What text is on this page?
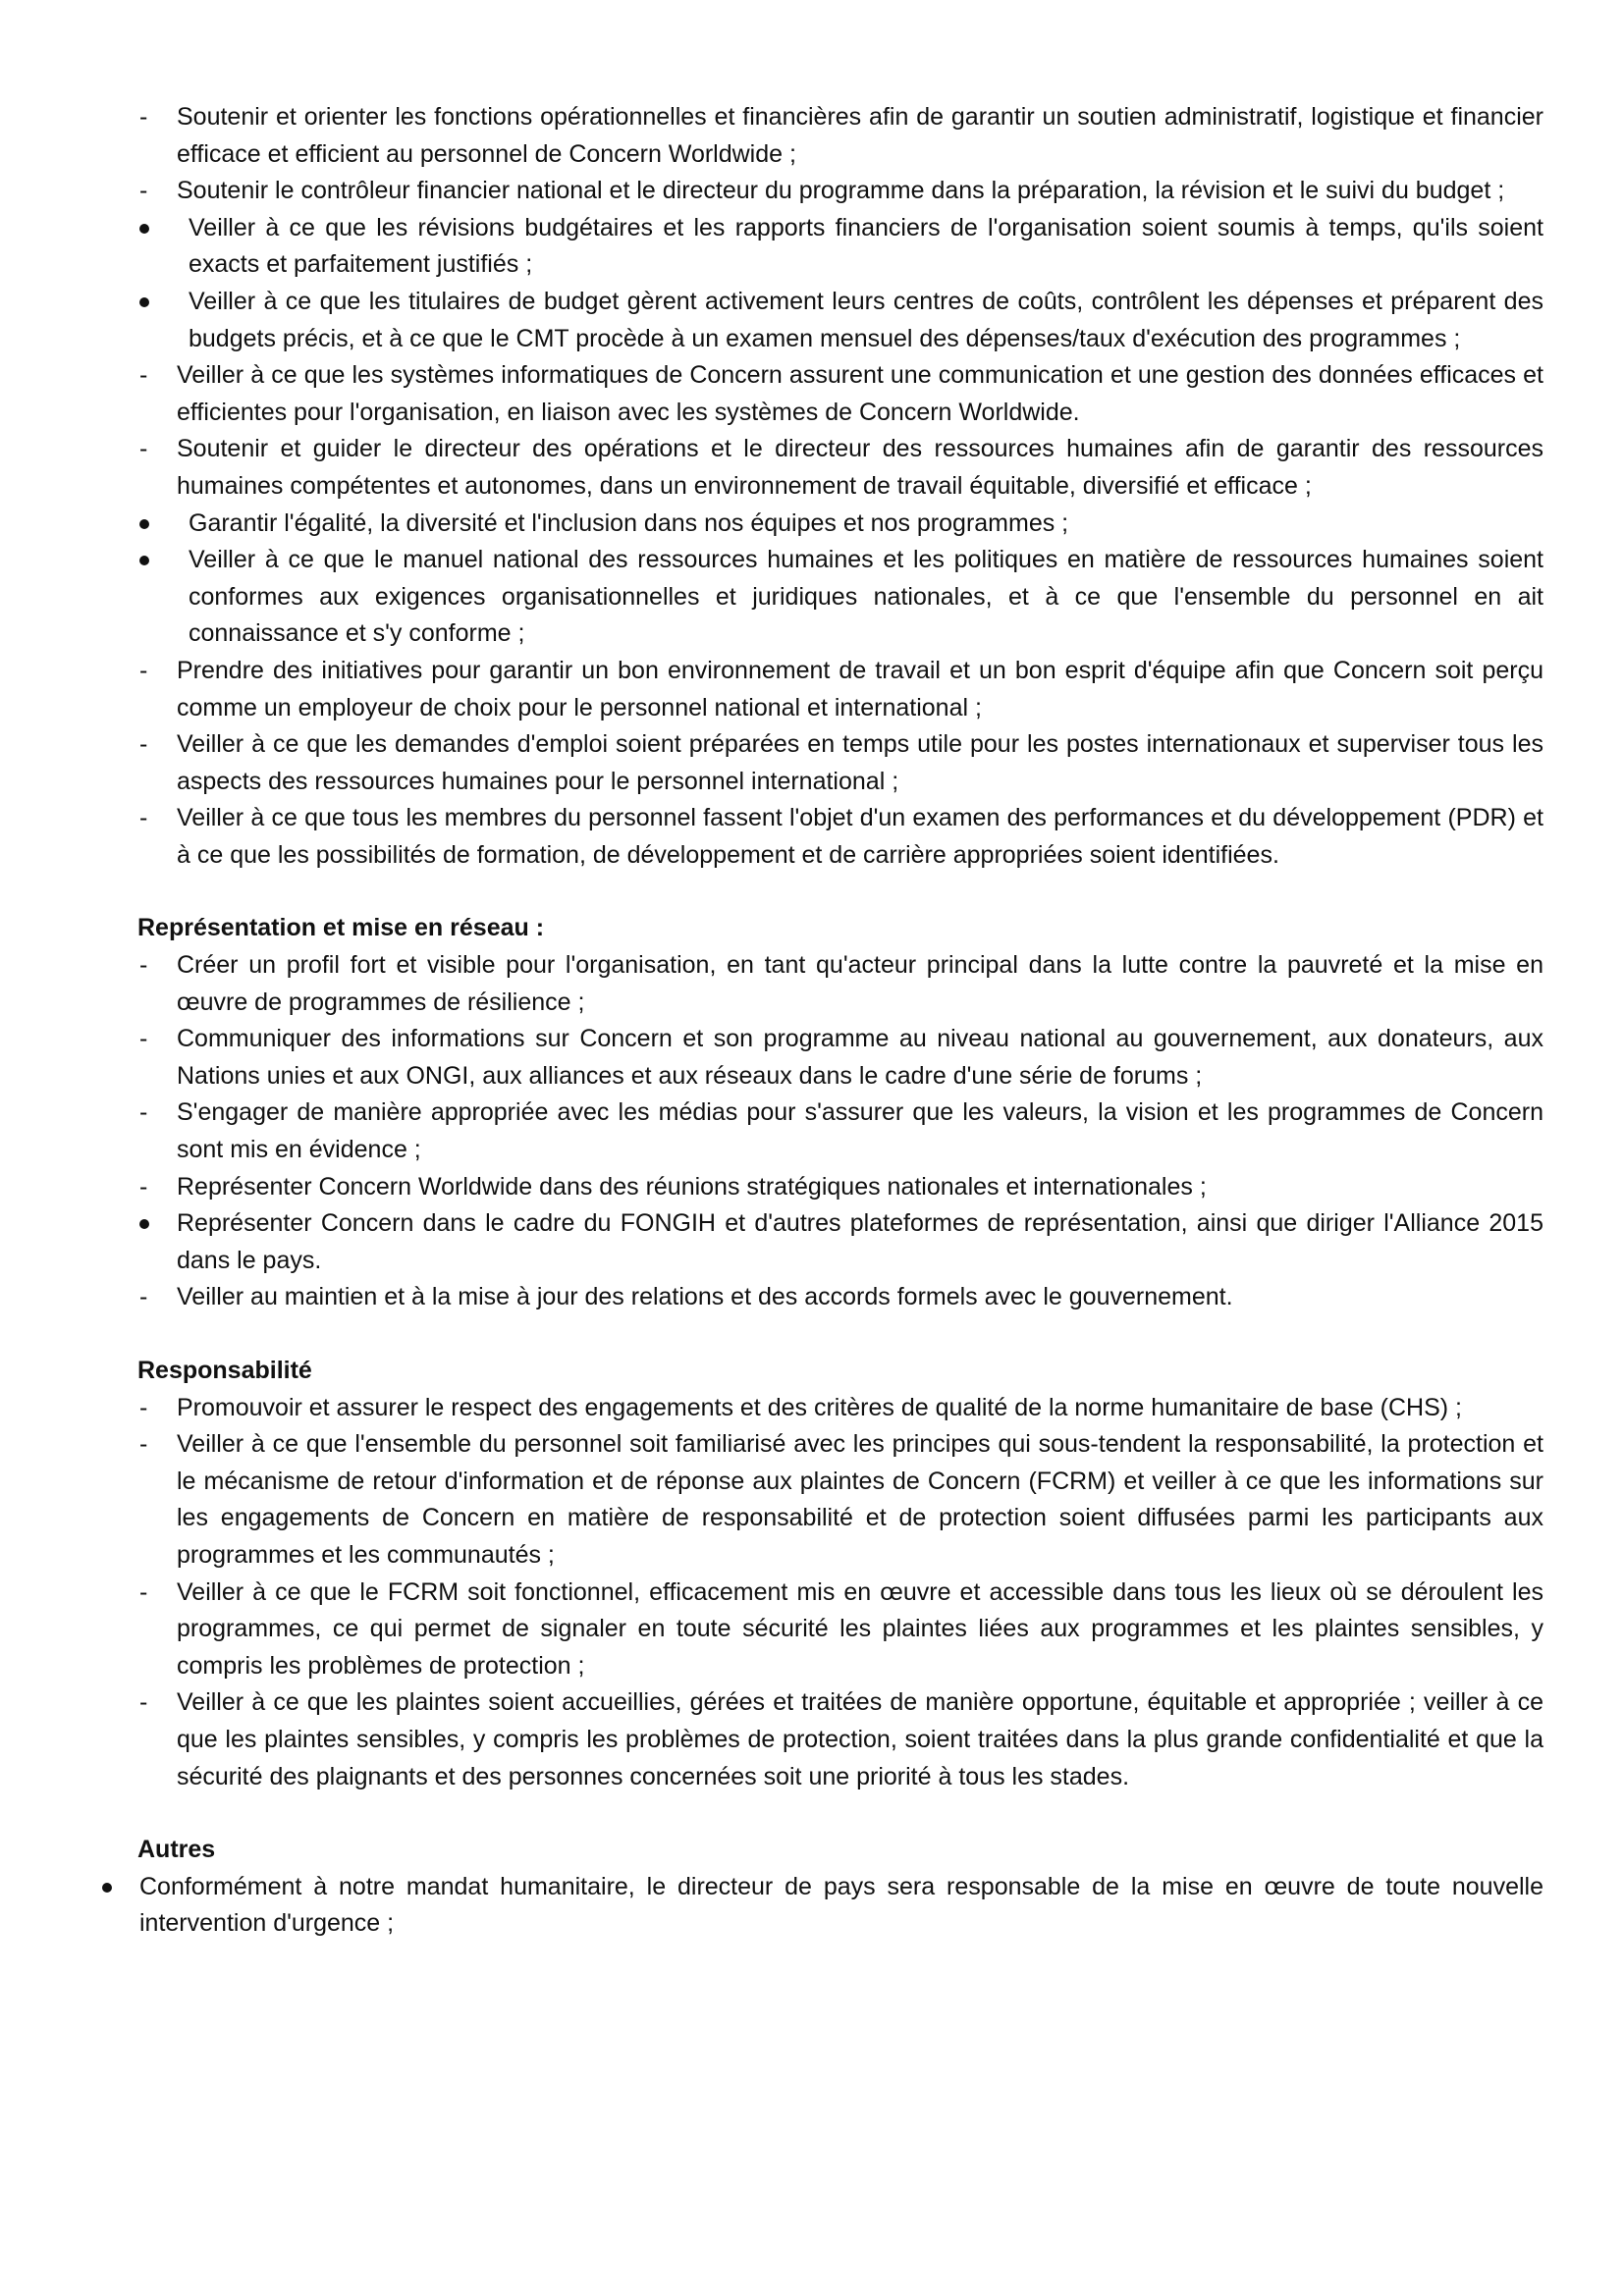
- Soutenir et orienter les fonctions opérationnelles et financières afin de garantir un soutien administratif, logistique et financier efficace et efficient au personnel de Concern Worldwide ;
- Soutenir le contrôleur financier national et le directeur du programme dans la préparation, la révision et le suivi du budget ;
Veiller à ce que les révisions budgétaires et les rapports financiers de l'organisation soient soumis à temps, qu'ils soient exacts et parfaitement justifiés ;
Veiller à ce que les titulaires de budget gèrent activement leurs centres de coûts, contrôlent les dépenses et préparent des budgets précis, et à ce que le CMT procède à un examen mensuel des dépenses/taux d'exécution des programmes ;
- Veiller à ce que les systèmes informatiques de Concern assurent une communication et une gestion des données efficaces et efficientes pour l'organisation, en liaison avec les systèmes de Concern Worldwide.
- Soutenir et guider le directeur des opérations et le directeur des ressources humaines afin de garantir des ressources humaines compétentes et autonomes, dans un environnement de travail équitable, diversifié et efficace ;
Garantir l'égalité, la diversité et l'inclusion dans nos équipes et nos programmes ;
Veiller à ce que le manuel national des ressources humaines et les politiques en matière de ressources humaines soient conformes aux exigences organisationnelles et juridiques nationales, et à ce que l'ensemble du personnel en ait connaissance et s'y conforme ;
- Prendre des initiatives pour garantir un bon environnement de travail et un bon esprit d'équipe afin que Concern soit perçu comme un employeur de choix pour le personnel national et international ;
- Veiller à ce que les demandes d'emploi soient préparées en temps utile pour les postes internationaux et superviser tous les aspects des ressources humaines pour le personnel international ;
- Veiller à ce que tous les membres du personnel fassent l'objet d'un examen des performances et du développement (PDR) et à ce que les possibilités de formation, de développement et de carrière appropriées soient identifiées.
Représentation et mise en réseau :
- Créer un profil fort et visible pour l'organisation, en tant qu'acteur principal dans la lutte contre la pauvreté et la mise en œuvre de programmes de résilience ;
- Communiquer des informations sur Concern et son programme au niveau national au gouvernement, aux donateurs, aux Nations unies et aux ONGI, aux alliances et aux réseaux dans le cadre d'une série de forums ;
- S'engager de manière appropriée avec les médias pour s'assurer que les valeurs, la vision et les programmes de Concern sont mis en évidence ;
- Représenter Concern Worldwide dans des réunions stratégiques nationales et internationales ;
Représenter Concern dans le cadre du FONGIH et d'autres plateformes de représentation, ainsi que diriger l'Alliance 2015 dans le pays.
- Veiller au maintien et à la mise à jour des relations et des accords formels avec le gouvernement.
Responsabilité
- Promouvoir et assurer le respect des engagements et des critères de qualité de la norme humanitaire de base (CHS) ;
- Veiller à ce que l'ensemble du personnel soit familiarisé avec les principes qui sous-tendent la responsabilité, la protection et le mécanisme de retour d'information et de réponse aux plaintes de Concern (FCRM) et veiller à ce que les informations sur les engagements de Concern en matière de responsabilité et de protection soient diffusées parmi les participants aux programmes et les communautés ;
- Veiller à ce que le FCRM soit fonctionnel, efficacement mis en œuvre et accessible dans tous les lieux où se déroulent les programmes, ce qui permet de signaler en toute sécurité les plaintes liées aux programmes et les plaintes sensibles, y compris les problèmes de protection ;
- Veiller à ce que les plaintes soient accueillies, gérées et traitées de manière opportune, équitable et appropriée ; veiller à ce que les plaintes sensibles, y compris les problèmes de protection, soient traitées dans la plus grande confidentialité et que la sécurité des plaignants et des personnes concernées soit une priorité à tous les stades.
Autres
Conformément à notre mandat humanitaire, le directeur de pays sera responsable de la mise en œuvre de toute nouvelle intervention d'urgence ;
